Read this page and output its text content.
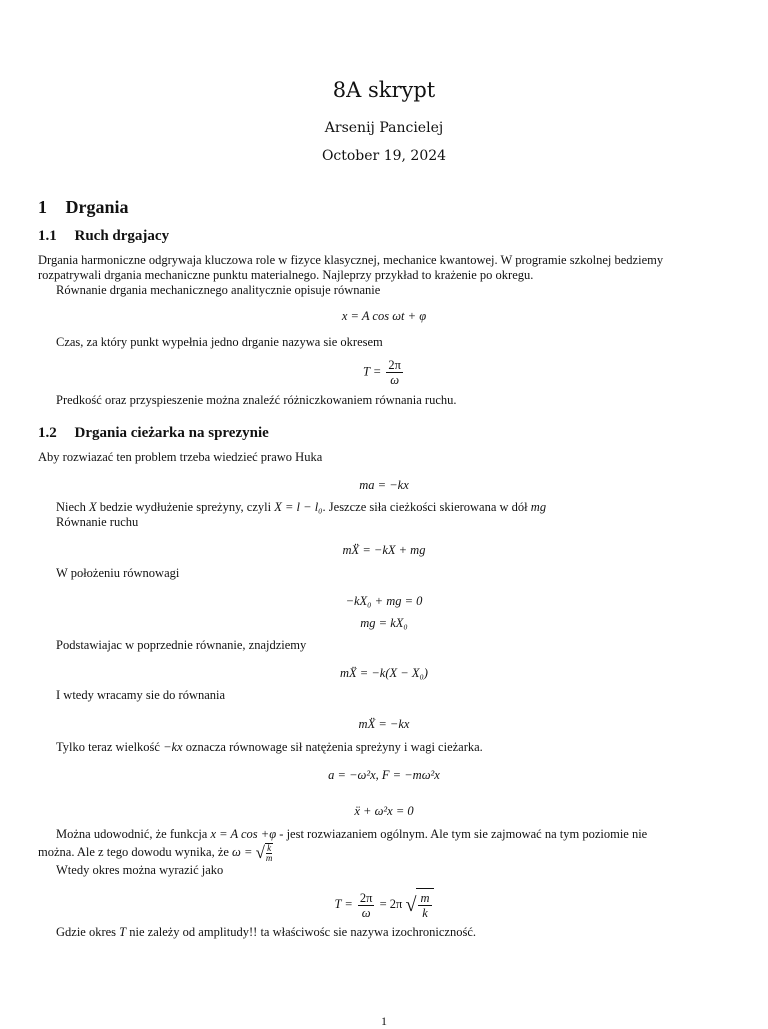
8A skrypt
Arsenij Pancielej
October 19, 2024
1 Drgania
1.1 Ruch drgajacy
Drgania harmoniczne odgrywaja kluczowa role w fizyce klasycznej, mechanice kwantowej. W programie szkolnej bedziemy
rozpatrywali drgania mechaniczne punktu materialnego. Najleprzy przykład to krażenie po okregu.
Równanie drgania mechanicznego analitycznie opisuje równanie
x = A cos ωt + φ
Czas, za który punkt wypełnia jedno drganie nazywa sie okresem
$T = \frac{2\pi}{\omega}$
Predkość oraz przyspieszenie można znaleźć różniczkowaniem równania ruchu.
1.2 Drgania cieżarka na sprezynie
Aby rozwiazać ten problem trzeba wiedzieć prawo Huka
ma = −kx
Niech X bedzie wydłużenie spreżyny, czyli X = l − l₀. Jeszcze siła cieżkości skierowana w dół mg
Równanie ruchu
mẌ = −kX + mg
W położeniu równowagi
−kX₀ + mg = 0
mg = kX₀
Podstawiajac w poprzednie równanie, znajdziemy
mẌ = −k(X − X₀)
I wtedy wracamy sie do równania
mẌ = −kx
Tylko teraz wielkość −kx oznacza równowage sił natężenia spreżyny i wagi cieżarka.
a = −ω²x, F = −mω²x
ẍ + ω²x = 0
Można udowodnić, że funkcja x = A cos +φ - jest rozwiazaniem ogólnym. Ale tym sie zajmować na tym poziomie nie
można. Ale z tego dowodu wynika, że ω = √ $\frac{k}{m}$
Wtedy okres można wyrazić jako
$T = \frac{2\pi}{\omega} = 2\pi$ √ $\frac{m}{k}$
Gdzie okres T nie zależy od amplitudy!! ta właściwośc sie nazywa izochroniczność.
1
